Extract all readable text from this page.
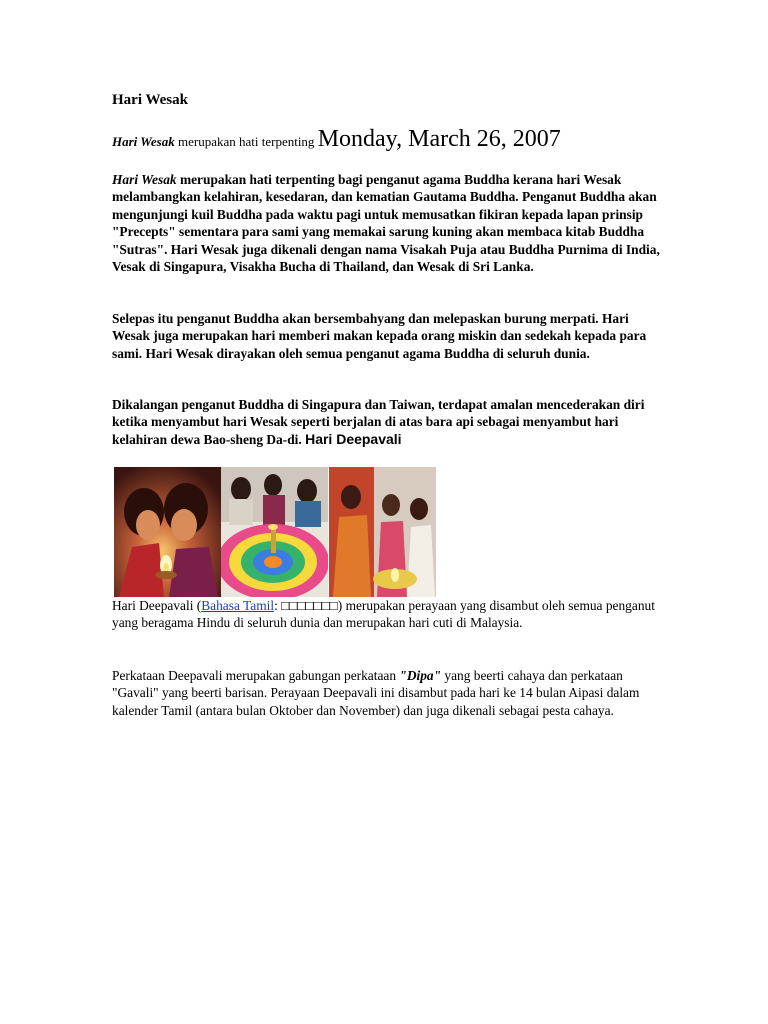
Hari Wesak
Hari Wesak merupakan hati terpenting Monday, March 26, 2007

Hari Wesak merupakan hati terpenting bagi penganut agama Buddha kerana hari Wesak melambangkan kelahiran, kesedaran, dan kematian Gautama Buddha. Penganut Buddha akan mengunjungi kuil Buddha pada waktu pagi untuk memusatkan fikiran kepada lapan prinsip "Precepts" sementara para sami yang memakai sarung kuning akan membaca kitab Buddha "Sutras". Hari Wesak juga dikenali dengan nama Visakah Puja atau Buddha Purnima di India, Vesak di Singapura, Visakha Bucha di Thailand, dan Wesak di Sri Lanka.

Selepas itu penganut Buddha akan bersembahyang dan melepaskan burung merpati. Hari Wesak juga merupakan hari memberi makan kepada orang miskin dan sedekah kepada para sami. Hari Wesak dirayakan oleh semua penganut agama Buddha di seluruh dunia.

Dikalangan penganut Buddha di Singapura dan Taiwan, terdapat amalan mencederakan diri ketika menyambut hari Wesak seperti berjalan di atas bara api sebagai menyambut hari kelahiran dewa Bao-sheng Da-di. Hari Deepavali

Hari Deepavali (Bahasa Tamil: □□□□□□□) merupakan perayaan yang disambut oleh semua penganut yang beragama Hindu di seluruh dunia dan merupakan hari cuti di Malaysia.

Perkataan Deepavali merupakan gabungan perkataan "Dipa" yang beerti cahaya dan perkataan "Gavali" yang beerti barisan. Perayaan Deepavali ini disambut pada hari ke 14 bulan Aipasi dalam kalender Tamil (antara bulan Oktober dan November) dan juga dikenali sebagai pesta cahaya.
